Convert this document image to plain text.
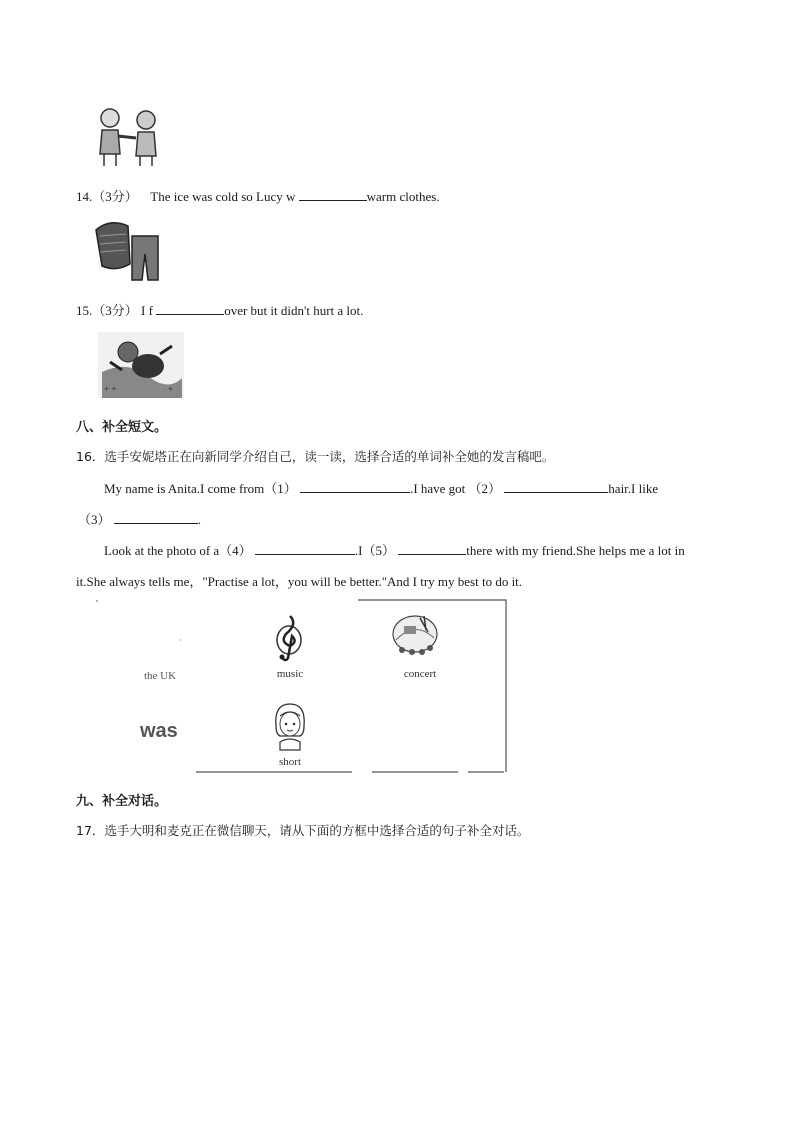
14.（3分） The ice was cold so Lucy w	warm clothes.
15.（3分） I f	over but it didn't hurt a lot.
+ +	+
八、补全短文。
16．选手安妮塔正在向新同学介绍自己，读一读，选择合适的单词补全她的发言稿吧。
My name is Anita.I come from（1）	.I have got （2）	hair.I like
（3）	.
Look at the photo of a（4）	.I（5）	there with my friend.She helps me a lot in
it.She always tells me，"Practise a lot，you will be better."And I try my best to do it.
music	concert
the UK
was
short
九、补全对话。
17．选手大明和麦克正在微信聊天，请从下面的方框中选择合适的句子补全对话。
